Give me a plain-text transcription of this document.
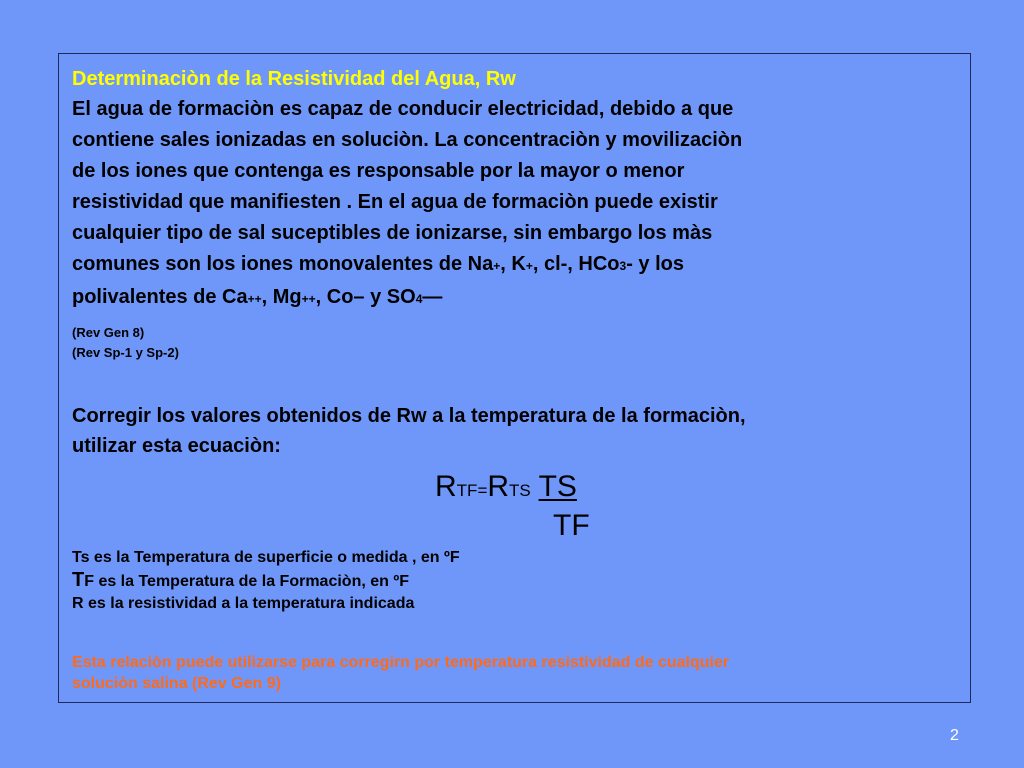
Determinaciòn de la Resistividad del Agua, Rw
El agua de formaciòn es capaz de conducir electricidad, debido a que
contiene sales ionizadas en soluciòn. La concentraciòn y movilizaciòn
de los iones que contenga es responsable por la mayor o menor
resistividad que manifiesten . En el agua de formaciòn puede existir
cualquier tipo de sal suceptibles de ionizarse, sin embargo los màs
comunes son los iones monovalentes de Na+, K+, cl-, HCo3- y los
polivalentes de Ca++, Mg++, Co– y SO4—
(Rev Gen 8)
(Rev Sp-1 y Sp-2)
Corregir los valores obtenidos de Rw a la temperatura de la formaciòn,
utilizar esta ecuaciòn:
RTF=RTS TS
TF
Ts es la Temperatura de superficie o medida , en ºF
TF es la Temperatura de la Formaciòn, en ºF
R es la resistividad a la temperatura indicada
Esta relaciòn puede utilizarse para corregirn por temperatura resistividad de cualquier
soluciòn salina (Rev Gen 9)
2
